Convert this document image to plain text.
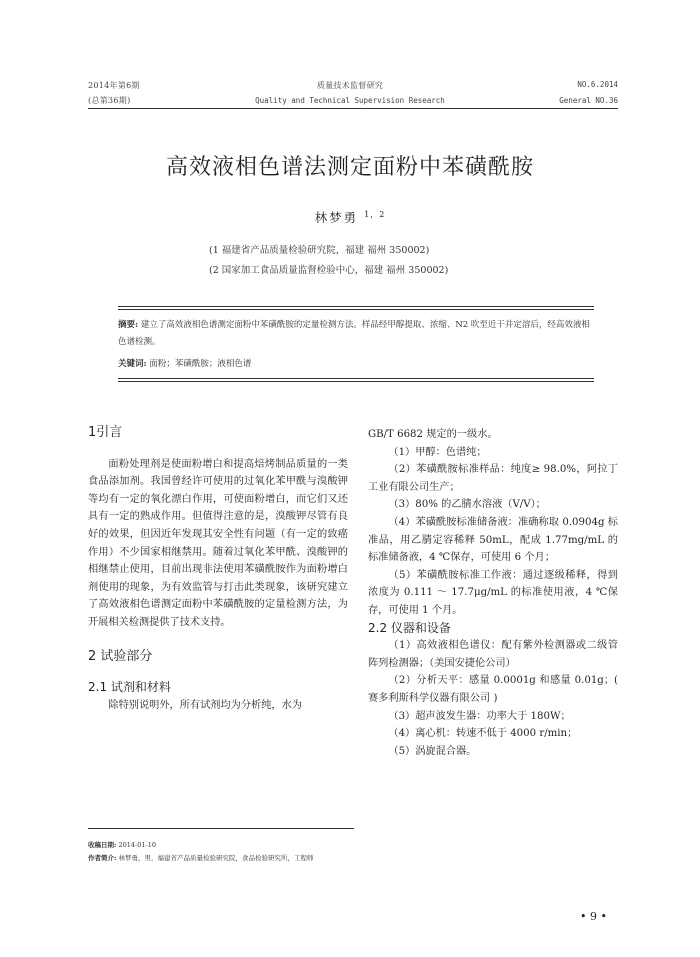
2014年第6期
(总第36期)
质量技术监督研究
Quality and Technical Supervision Research
NO.6.2014
General NO.36
高效液相色谱法测定面粉中苯磺酰胺
林梦勇 $^{1,2}$
(1 福建省产品质量检验研究院，福建 福州 350002)
(2 国家加工食品质量监督检验中心，福建 福州 350002)
摘要: 建立了高效液相色谱测定面粉中苯磺酰胺的定量检测方法。样品经甲醇提取、浓缩、N2 吹至近干并定溶后，经高效液相色谱检测。
关键词: 面粉；苯磺酰胺；液相色谱
1引言

面粉处理剂是使面粉增白和提高焙烤制品质量的一类食品添加剂。我国曾经许可使用的过氧化苯甲酰与溴酸钾等均有一定的氧化漂白作用，可使面粉增白，而它们又还具有一定的熟成作用。但值得注意的是，溴酸钾尽管有良好的效果，但因近年发现其安全性有问题（有一定的致癌作用）不少国家相继禁用。随着过氧化苯甲酰、溴酸钾的相继禁止使用，目前出现非法使用苯磺酰胺作为面粉增白剂使用的现象，为有效监管与打击此类现象，该研究建立了高效液相色谱测定面粉中苯磺酰胺的定量检测方法，为开展相关检测提供了技术支持。

2 试验部分
2.1 试剂和材料

除特别说明外，所有试剂均为分析纯，水为

GB/T 6682 规定的一级水。

（1）甲醇：色谱纯；

（2）苯磺酰胺标准样品：纯度≥ 98.0%，阿拉丁工业有限公司生产；

（3）80% 的乙腈水溶液（V/V）；

（4）苯磺酰胺标准储备液：准确称取 0.0904g 标准品，用乙腈定容稀释 50mL，配成 1.77mg/mL 的标准储备液，4 ℃保存，可使用 6 个月；

（5）苯磺酰胺标准工作液：通过逐级稀释，得到浓度为 0.111 ～ 17.7μg/mL 的标准使用液，4 ℃保存，可使用 1 个月。

2.2 仪器和设备

（1）高效液相色谱仪：配有紫外检测器或二级管阵列检测器；（美国安捷伦公司）

（2）分析天平：感量 0.0001g 和感量 0.01g；( 赛多利斯科学仪器有限公司 )

（3）超声波发生器：功率大于 180W；

（4）离心机：转速不低于 4000 r/min；

（5）涡旋混合器。

收稿日期: 2014-01-10
作者简介: 林梦勇，男，福建省产品质量检验研究院，食品检验研究所，工程师
• 9 •
